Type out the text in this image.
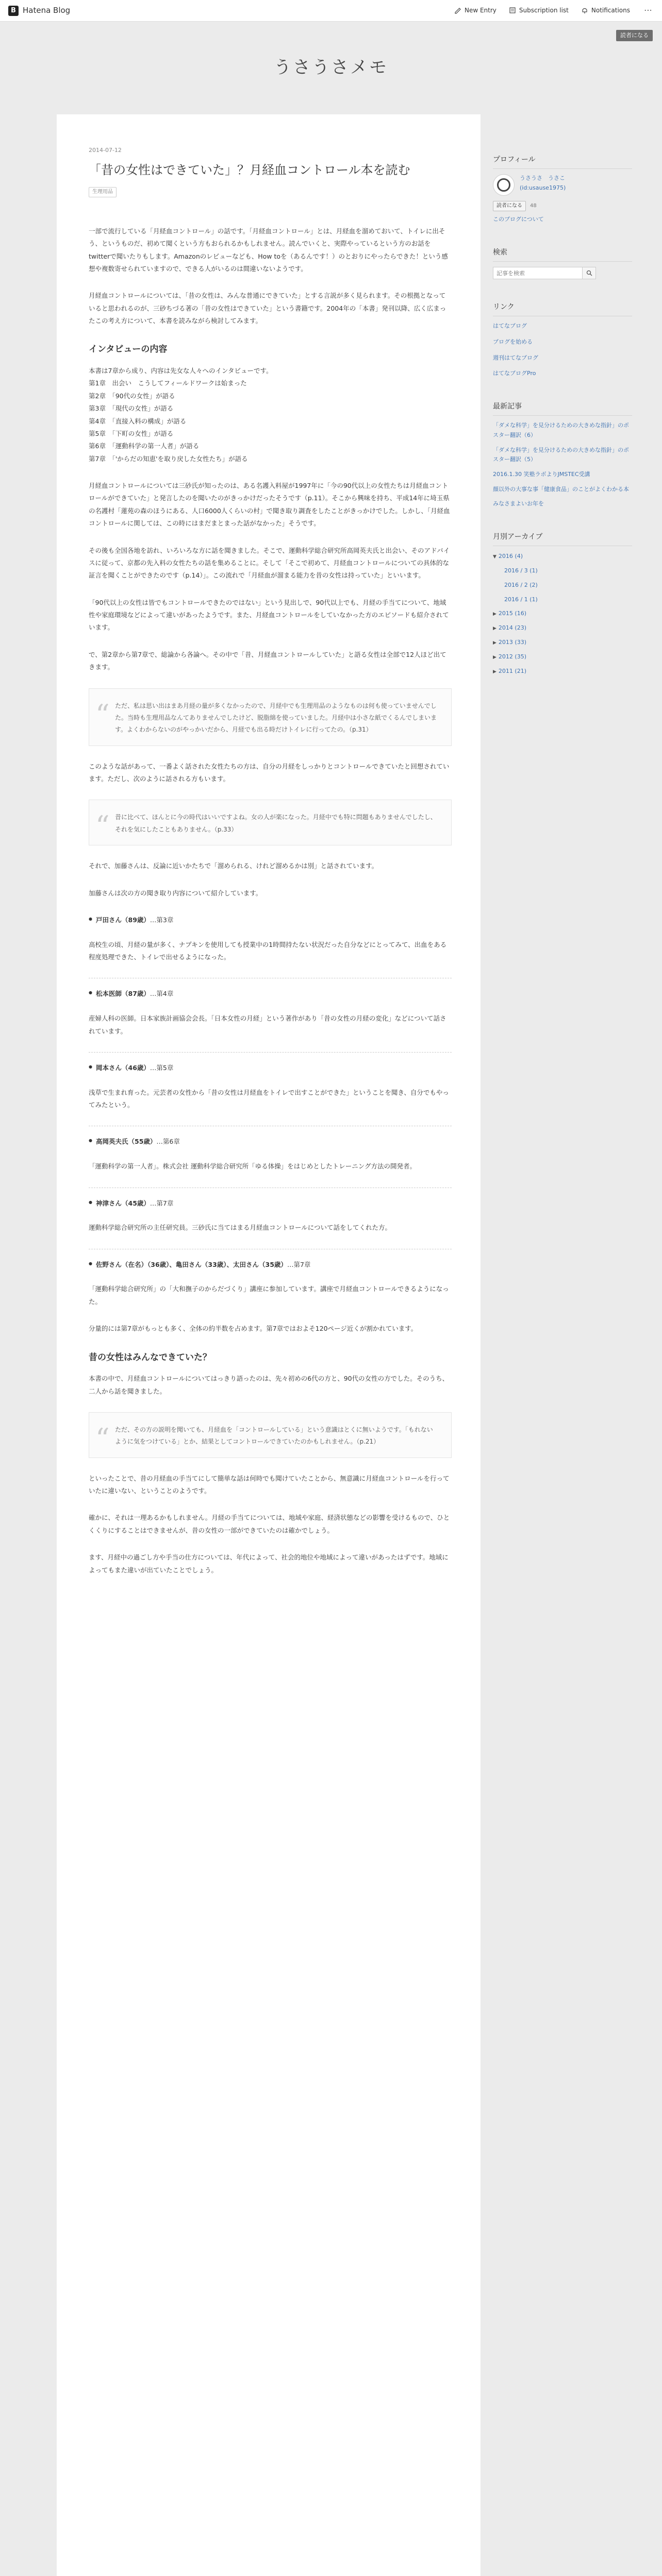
B Hatena Blog	New Entry	Subscription list	Notifications ⋯
読者になる
うさうさメモ
2014-07-12
「昔の女性はできていた」？月経血コントロール本を読む
生理用品

一部で流行している「月経血コントロール」の話です。「月経血コントロール」とは、月経血を溜めておいて、トイレに出そう、というものだ、初めて聞くという方もおられるかもしれません。読んでいくと、実際やっているという方のお話をtwitterで聞いたりもします。Amazonのレビューなども、How toを（あるんです！）のとおりにやったらできた！という感想や複数寄せられていますので、できる人がいるのは間違いないようです。

月経血コントロールについては、「昔の女性は、みんな普通にできていた」とする言説が多く見られます。その根拠となっていると思われるのが、三砂ちづる著の「昔の女性はできていた」という書籍です。2004年の「本書」発刊以降、広く広まったこの考え方について、本書を読みながら検討してみます。

インタビューの内容
本書は7章から成り、内容は先女な人々へのインタビューです。
第1章　出会い　こうしてフィールドワークは始まった
第2章　「90代の女性」が語る
第3章　「現代の女性」が語る
第4章　「直接入料の構成」が語る
第5章　「下町の女性」が語る
第6章　「運動科学の第一人者」が語る
第7章　「'からだの知恵'を取り戻した女性たち」が語る

月経血コントロールについては三砂氏が知ったのは、ある名護入料屋が1997年に「今の90代以上の女性たちは月経血コントロールができていた」と発言したのを聞いたのがきっかけだったそうです（p.11）。そこから興味を持ち、平成14年に埼玉県の名護村「蓮苑の森のほうにある、人口6000人くらいの村」で聞き取り調査をしたことがきっかけでした。しかし、「月経血コントロールに関しては、この時にはまだまとまった話がなかった」そうです。

その後も全国各地を訪れ、いろいろな方に話を聞きました。そこで、運動科学総合研究所高岡英夫氏と出会い、そのアドバイスに従って、京都の先入料の女性たちの話を集めることに。そして「そこで初めて、月経血コントロールについての具体的な証言を聞くことができたのです（p.14）」。この流れで「月経血が溜まる能力を昔の女性は持っていた」といいます。

「90代以上の女性は皆でもコントロールできたのではない」という見出しで、90代以上でも、月経の手当てについて、地域性や家庭環境などによって違いがあったようです。また、月経血コントロールをしていなかった方のエピソードも紹介されています。

で、第2章から第7章で、総論から各論へ。その中で「昔、月経血コントロールしていた」と語る女性は全部で12人ほど出てきます。

“ ただ、私は思い出はまあ月経の量が多くなかったので、月経中でも生理用品のようなものは何も使っていませんでした。当時も生理用品なんてありませんでしたけど、脱脂綿を使っていました。月経中は小さな紙でくるんでしまいます。よくわからないのがやっかいだから、月経でも出る時だけトイレに行ってたの。（p.31）

このような話があって、一番よく話された女性たちの方は、自分の月経をしっかりとコントロールできていたと回想されています。ただし、次のように話される方もいます。

“ 昔に比べて、ほんとに今の時代はいいですよね。女の人が楽になった。月経中でも特に問題もありませんでしたし、それを気にしたこともありません。（p.33）

それで、加藤さんは、反論に近いかたちで「溜められる、けれど溜めるかは別」と話されています。

加藤さんは次の方の聞き取り内容について紹介しています。

● 戸田さん（89歳）…第3章

高校生の頃、月経の量が多く、ナプキンを使用しても授業中の1時間持たない状況だった自分などにとってみて、出血をある程度処理できた、トイレで出せるようになった。

● 松本医師（87歳）…第4章

産婦人科の医師。日本家族計画協会会長。「日本女性の月経」という著作があり「昔の女性の月経の変化」などについて話されています。

● 岡本さん（46歳）…第5章

浅草で生まれ育った。元芸者の女性から「昔の女性は月経血をトイレで出すことができた」ということを聞き、自分でもやってみたという。

● 高岡英夫氏（55歳）…第6章

「運動科学の第一人者」。株式会社 運動科学総合研究所「ゆる体操」をはじめとしたトレーニング方法の開発者。

● 神津さん（45歳）…第7章

運動科学総合研究所の主任研究員。三砂氏に当てはまる月経血コントロールについて話をしてくれた方。

● 佐野さん（在名）（36歳）、亀田さん（33歳）、太田さん（35歳）…第7章

「運動科学総合研究所」の「大和撫子のからだづくり」講座に参加しています。講座で月経血コントロールできるようになった。

分量的には第7章がもっとも多く、全体の約半数を占めます。第7章ではおよそ120ページ近くが割かれています。

昔の女性はみんなできていた？

本書の中で、月経血コントロールについてはっきり語ったのは、先々初めの6代の方と、90代の女性の方でした。そのうち、二人から話を聞きました。

“ ただ、その方の説明を聞いても、月経血を「コントロールしている」という意識はとくに無いようです。「もれないように気をつけている」とか、結果としてコントロールできていたのかもしれません。（p.21）

といったことで、昔の月経血の手当てにして簡単な話は何時でも聞けていたことから、無意識に月経血コントロールを行っていたに違いない、ということのようです。

確かに、それは一理あるかもしれません。月経の手当てについては、地域や家庭、経済状態などの影響を受けるもので、ひとくくりにすることはできませんが、昔の女性の一部ができていたのは確かでしょう。

ます、月経中の過ごし方や手当の仕方については、年代によって、社会的地位や地域によって違いがあったはずです。地域によってもまた違いが出ていたことでしょう。

プロフィール
うさうさ　うさこ
(id:usause1975)
読者になる	48
このブログについて
検索
記事を検索
リンク
はてなブログ
ブログを始める
週刊はてなブログ
はてなブログPro
最新記事
「ダメな科学」を見分けるための大きめな指針」のポスター翻訳（6）
「ダメな科学」を見分けるための大きめな指針」のポスター翻訳（5）
2016.1.30 笑塾ラボよりJMSTEC受講
顔以外の大事な事「健康食品」のことがよくわかる本
みなさまよいお年を
月別アーカイブ
▼ 2016 (4)
2016 / 3 (1)
2016 / 2 (2)
2016 / 1 (1)
▶ 2015 (16)
▶ 2014 (23)
▶ 2013 (33)
▶ 2012 (35)
▶ 2011 (21)
